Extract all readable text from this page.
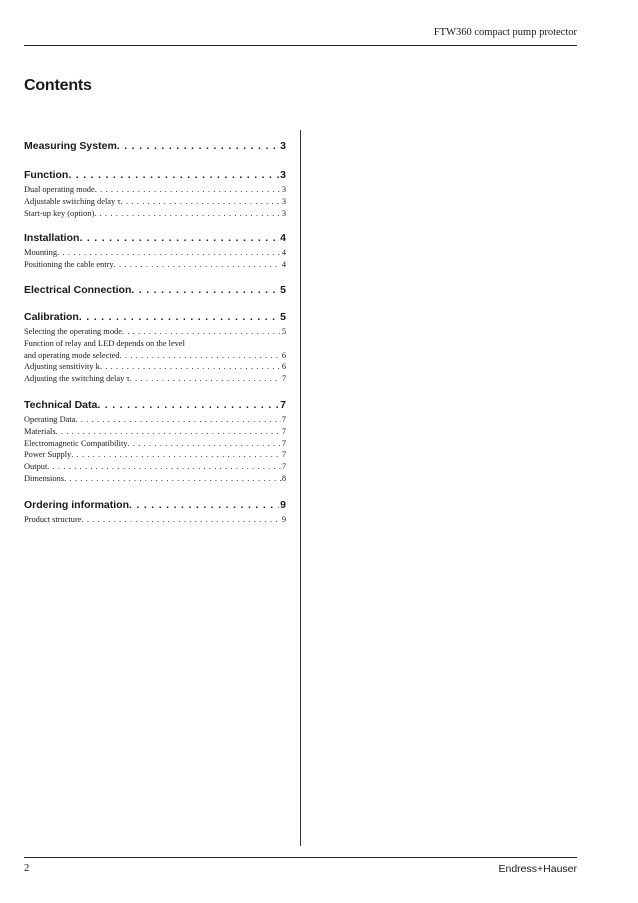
FTW360 compact pump protector
Contents
Measuring System . . .	3
Function . . .	3
Dual operating mode . . .	3
Adjustable switching delay τ . . .	3
Start-up key (option) . . .	3
Installation . . .	4
Mounting . . .	4
Positioning the cable entry . . .	4
Electrical Connection . . .	5
Calibration . . .	5
Selecting the operating mode . . .	5
Function of relay and LED depends on the level
and operating mode selected . . .	6
Adjusting sensitivity k . . .	6
Adjusting the switching delay τ . . .	7
Technical Data . . .	7
Operating Data . . .	7
Materials . . .	7
Electromagnetic Compatibility . . .	7
Power Supply . . .	7
Output . . .	7
Dimensions . . .	8
Ordering information . . .	9
Product structure . . .	9
2	Endress+Hauser
